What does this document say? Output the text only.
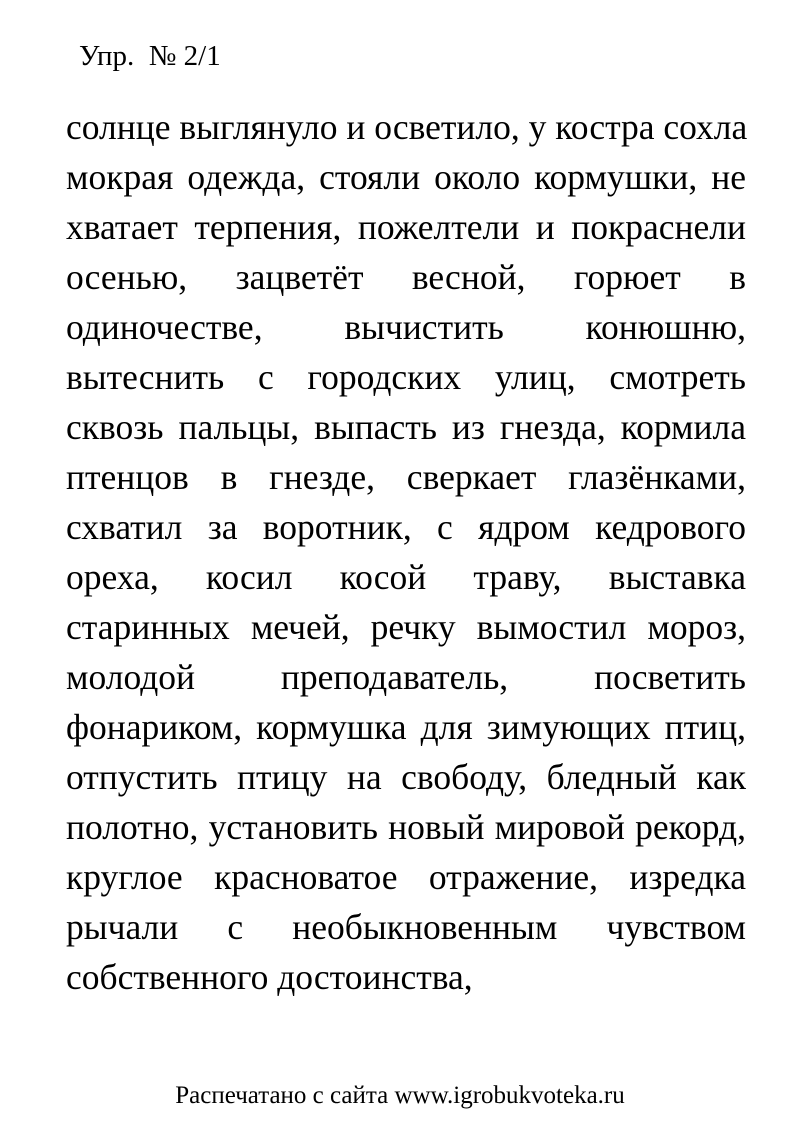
Упр.  № 2/1
солнце выглянуло и осветило, у костра сохла
мокрая одежда, стояли около кормушки, не
хватает терпения, пожелтели и покраснели
осенью, зацветёт весной, горюет в
одиночестве, вычистить конюшню,
вытеснить с городских улиц, смотреть
сквозь пальцы, выпасть из гнезда, кормила
птенцов в гнезде, сверкает глазёнками,
схватил за воротник, с ядром кедрового
ореха, косил косой траву, выставка
старинных мечей, речку вымостил мороз,
молодой преподаватель, посветить
фонариком, кормушка для зимующих птиц,
отпустить птицу на свободу, бледный как
полотно, установить новый мировой рекорд,
круглое красноватое отражение, изредка
рычали с необыкновенным чувством
собственного достоинства,
Распечатано с сайта www.igrobukvoteka.ru
